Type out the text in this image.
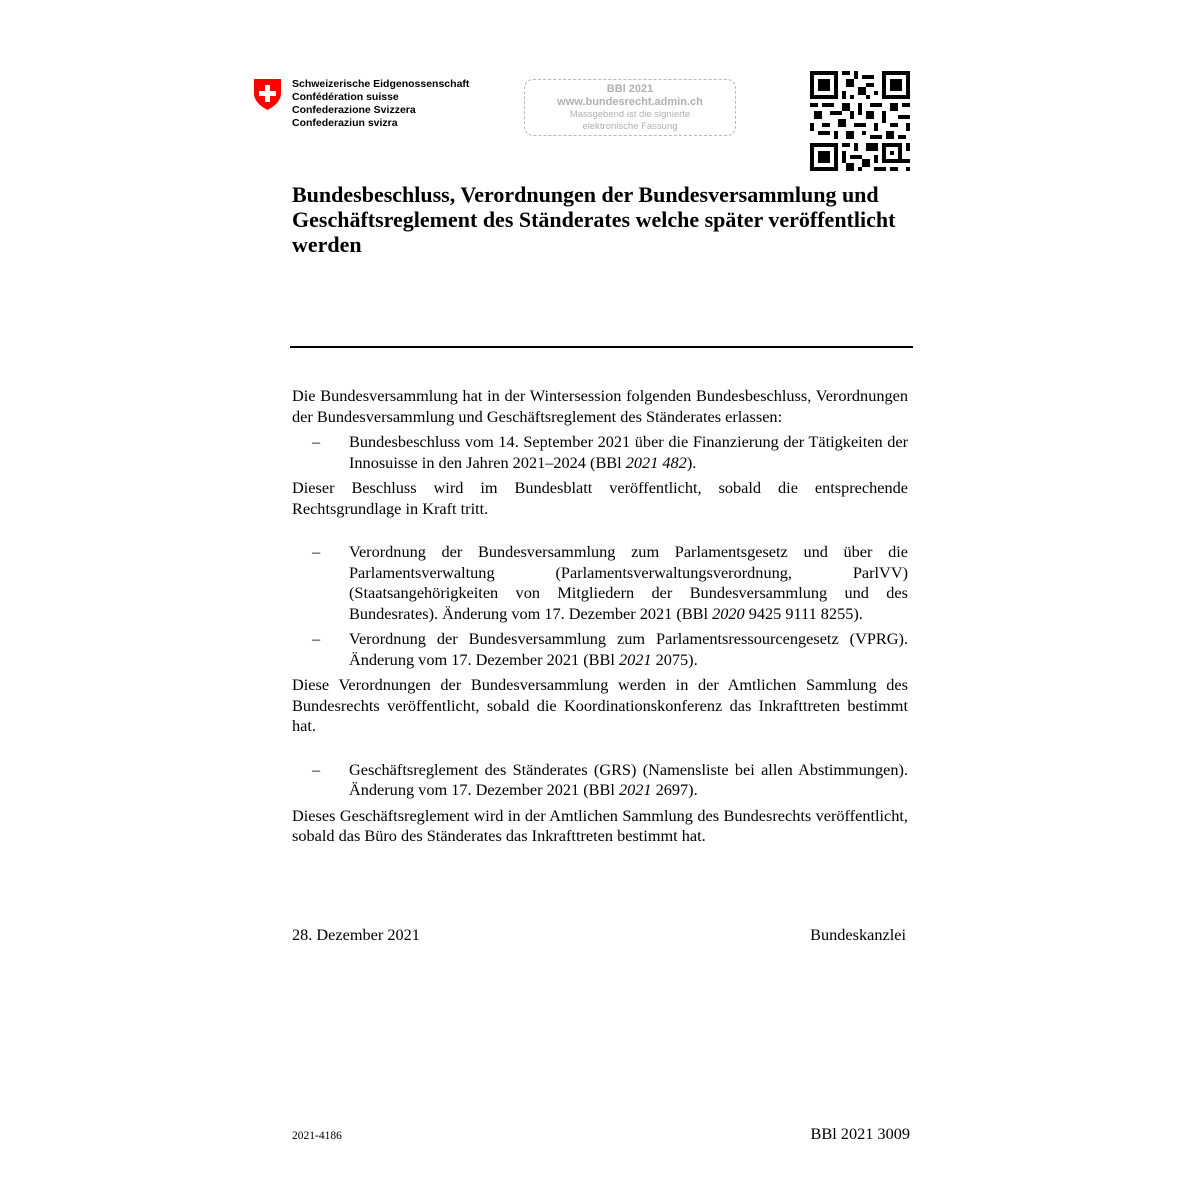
Schweizerische Eidgenossenschaft
Confédération suisse
Confederazione Svizzera
Confederaziun svizra
BBl 2021
www.bundesrecht.admin.ch
Massgebend ist die signierte
elektronische Fassung
Bundesbeschluss, Verordnungen der Bundesversammlung und Geschäftsreglement des Ständerates welche später veröffentlicht werden

Die Bundesversammlung hat in der Wintersession folgenden Bundesbeschluss, Verordnungen der Bundesversammlung und Geschäftsreglement des Ständerates erlassen:

– Bundesbeschluss vom 14. September 2021 über die Finanzierung der Tätigkeiten der Innosuisse in den Jahren 2021–2024 (BBl 2021 482).

Dieser Beschluss wird im Bundesblatt veröffentlicht, sobald die entsprechende Rechtsgrundlage in Kraft tritt.

– Verordnung der Bundesversammlung zum Parlamentsgesetz und über die Parlamentsverwaltung (Parlamentsverwaltungsverordnung, ParlVV) (Staatsangehörigkeiten von Mitgliedern der Bundesversammlung und des Bundesrates). Änderung vom 17. Dezember 2021 (BBl 2020 9425 9111 8255).
– Verordnung der Bundesversammlung zum Parlamentsressourcengesetz (VPRG). Änderung vom 17. Dezember 2021 (BBl 2021 2075).

Diese Verordnungen der Bundesversammlung werden in der Amtlichen Sammlung des Bundesrechts veröffentlicht, sobald die Koordinationskonferenz das Inkrafttreten bestimmt hat.

– Geschäftsreglement des Ständerates (GRS) (Namensliste bei allen Abstimmungen). Änderung vom 17. Dezember 2021 (BBl 2021 2697).

Dieses Geschäftsreglement wird in der Amtlichen Sammlung des Bundesrechts veröffentlicht, sobald das Büro des Ständerates das Inkrafttreten bestimmt hat.

28. Dezember 2021	Bundeskanzlei
2021-4186	BBl 2021 3009
